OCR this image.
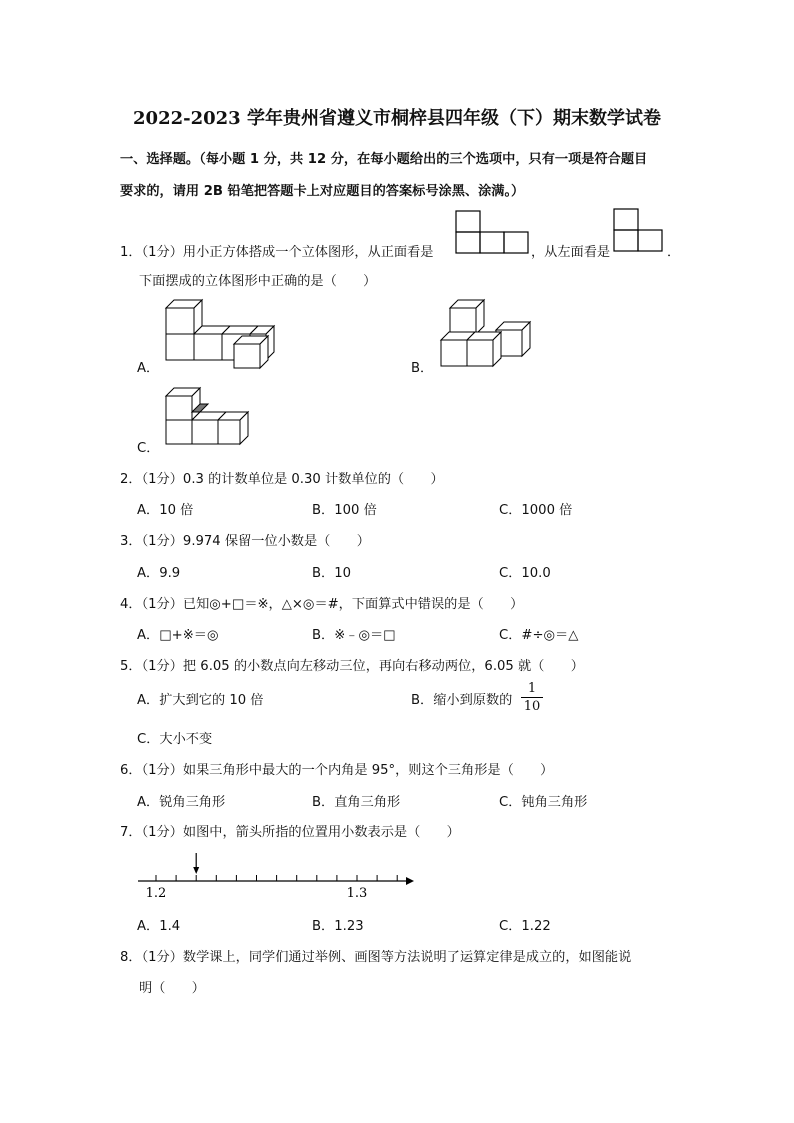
2022-2023 学年贵州省遵义市桐梓县四年级（下）期末数学试卷
一、选择题。（每小题 1 分，共 12 分，在每小题给出的三个选项中，只有一项是符合题目
要求的，请用 2B 铅笔把答题卡上对应题目的答案标号涂黑、涂满。）
1．（1分）用小正方体搭成一个立体图形，从正面看是	，从左面看是	．
下面摆成的立体图形中正确的是（　　）
A．	B．
C．
2．（1分）0.3 的计数单位是 0.30 计数单位的（　　）
A．10 倍	B．100 倍	C．1000 倍
3．（1分）9.974 保留一位小数是（　　）
A．9.9	B．10	C．10.0
4．（1分）已知◎+□＝※，△×◎＝#，下面算式中错误的是（　　）
A．□+※＝◎	B．※﹣◎＝□	C．#÷◎＝△
5．（1分）把 6.05 的小数点向左移动三位，再向右移动两位，6.05 就（　　）
A．扩大到它的 10 倍	B．缩小到原数的
1
10
C．大小不变
6．（1分）如果三角形中最大的一个内角是 95°，则这个三角形是（　　）
A．锐角三角形	B．直角三角形	C．钝角三角形
7．（1分）如图中，箭头所指的位置用小数表示是（　　）
1.2	1.3
A．1.4	B．1.23	C．1.22
8．（1分）数学课上，同学们通过举例、画图等方法说明了运算定律是成立的，如图能说
明（　　）
